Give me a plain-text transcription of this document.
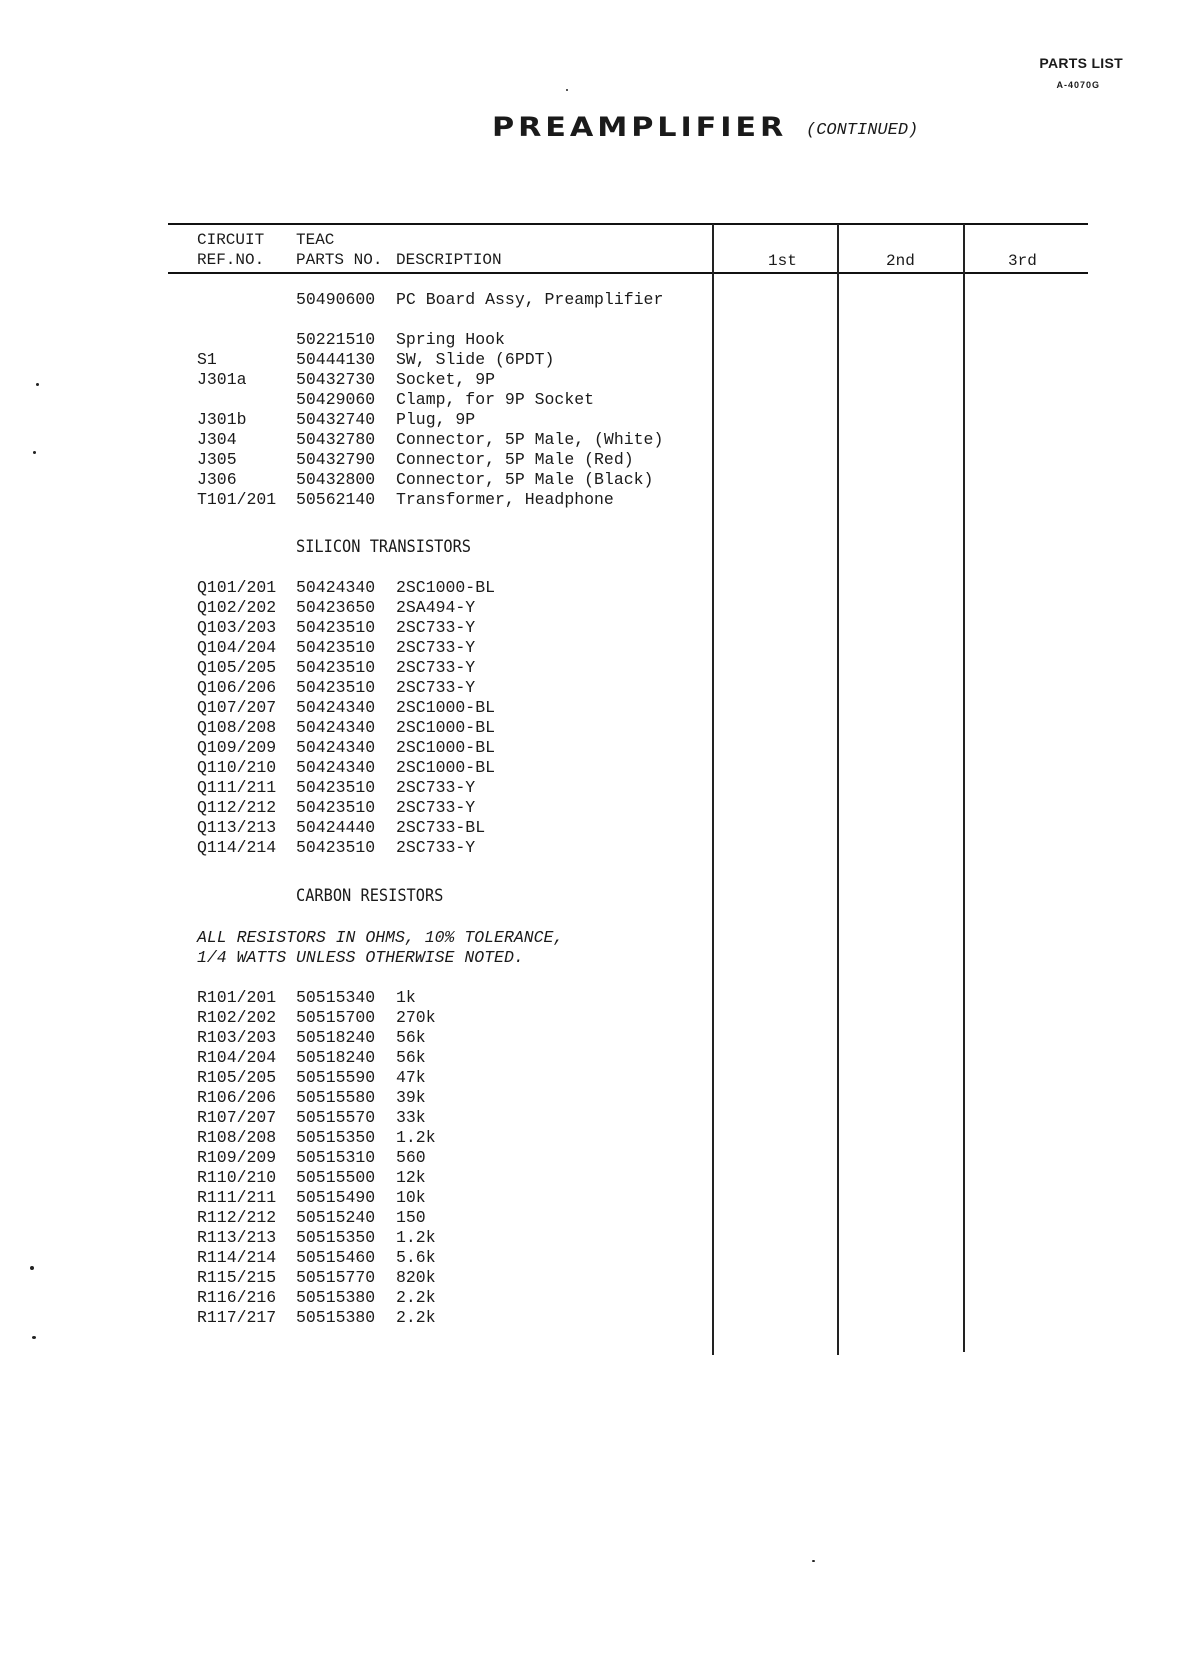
PARTS LIST
A-4070G
PREAMPLIFIER (CONTINUED)
CIRCUIT
REF.NO.
TEAC
PARTS NO. DESCRIPTION	1st	2nd	3rd
50490600 PC Board Assy, Preamplifier
50221510 Spring Hook
S1	50444130 SW, Slide (6PDT)
J301a	50432730 Socket, 9P
50429060 Clamp, for 9P Socket
J301b	50432740 Plug, 9P
J304	50432780 Connector, 5P Male, (White)
J305	50432790 Connector, 5P Male (Red)
J306	50432800 Connector, 5P Male (Black)
T101/201 50562140 Transformer, Headphone
SILICON TRANSISTORS
Q101/201 50424340 2SC1000-BL
Q102/202 50423650 2SA494-Y
Q103/203 50423510 2SC733-Y
Q104/204 50423510 2SC733-Y
Q105/205 50423510 2SC733-Y
Q106/206 50423510 2SC733-Y
Q107/207 50424340 2SC1000-BL
Q108/208 50424340 2SC1000-BL
Q109/209 50424340 2SC1000-BL
Q110/210 50424340 2SC1000-BL
Q111/211 50423510 2SC733-Y
Q112/212 50423510 2SC733-Y
Q113/213 50424440 2SC733-BL
Q114/214 50423510 2SC733-Y
CARBON RESISTORS
ALL RESISTORS IN OHMS, 10% TOLERANCE,
1/4 WATTS UNLESS OTHERWISE NOTED.
R101/201 50515340 1k
R102/202 50515700 270k
R103/203 50518240 56k
R104/204 50518240 56k
R105/205 50515590 47k
R106/206 50515580 39k
R107/207 50515570 33k
R108/208 50515350 1.2k
R109/209 50515310 560
R110/210 50515500 12k
R111/211 50515490 10k
R112/212 50515240 150
R113/213 50515350 1.2k
R114/214 50515460 5.6k
R115/215 50515770 820k
R116/216 50515380 2.2k
R117/217 50515380 2.2k
